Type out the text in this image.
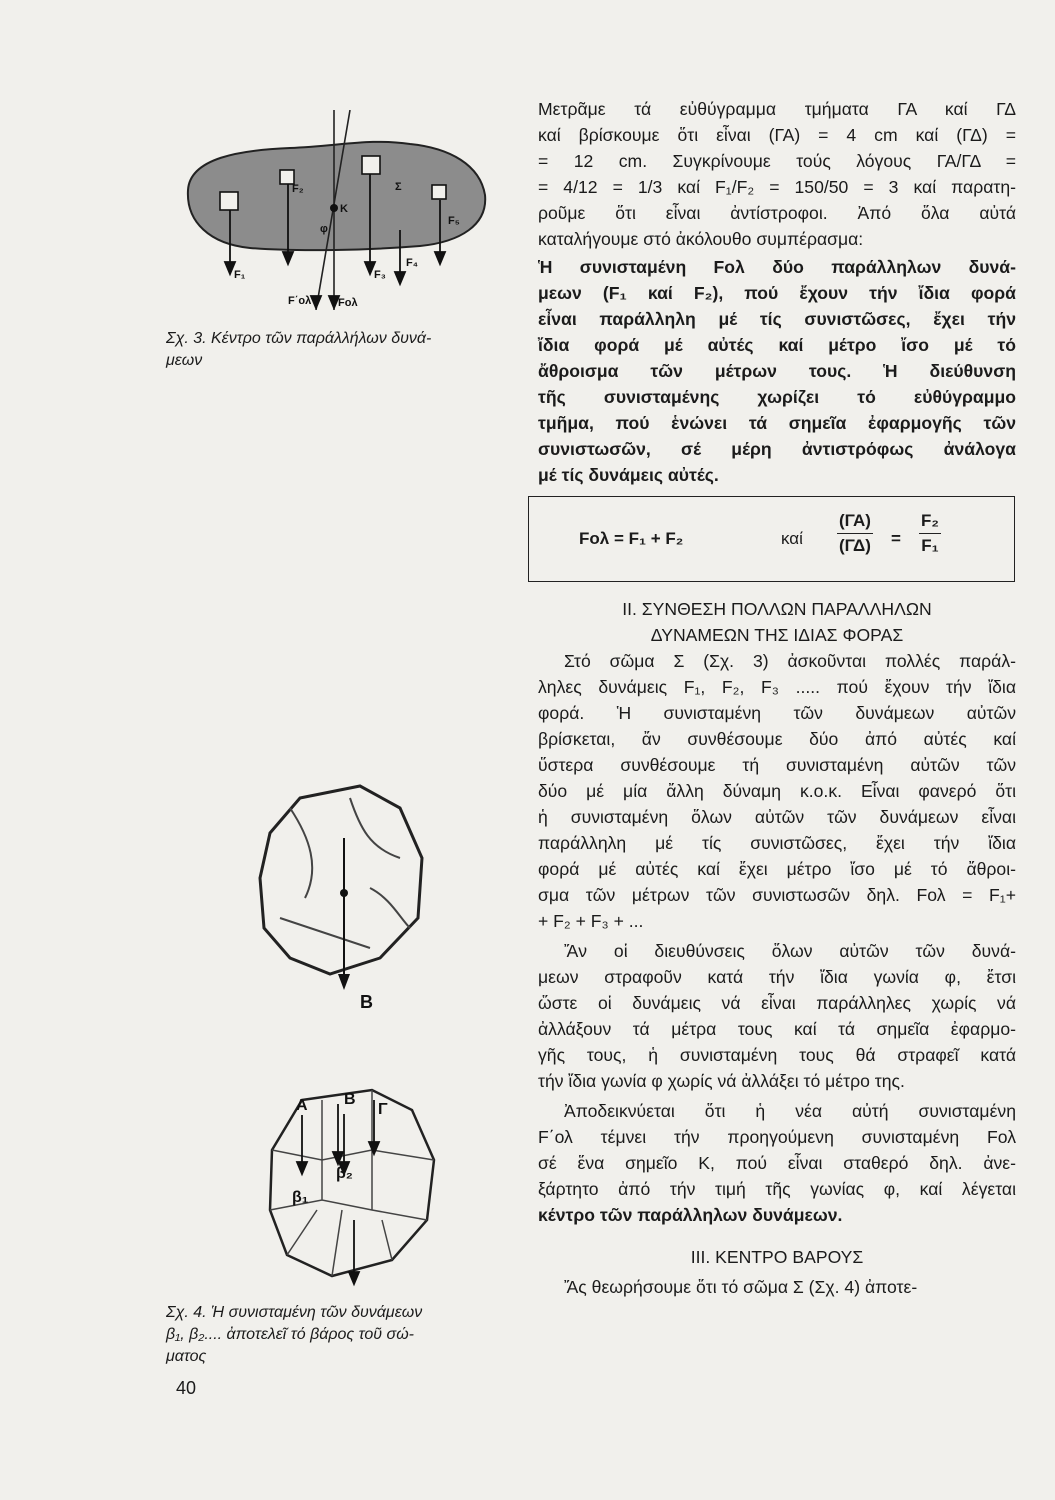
Μετρᾶμε τά εὐθύγραμμα τμήματα ΓΑ καί ΓΔ

καί βρίσκουμε ὅτι εἶναι (ΓΑ) = 4 cm καί (ΓΔ) =

= 12 cm. Συγκρίνουμε τούς λόγους ΓΑ/ΓΔ =

= 4/12 = 1/3 καί F₁/F₂ = 150/50 = 3 καί παρατη-

ροῦμε ὅτι εἶναι ἀντίστροφοι. Ἀπό ὅλα αὐτά

καταλήγουμε στό ἀκόλουθο συμπέρασμα:

Ἡ συνισταμένη Fολ δύο παράλληλων δυνά-

μεων (F₁ καί F₂), πού ἔχουν τήν ἴδια φορά

εἶναι παράλληλη μέ τίς συνιστῶσες, ἔχει τήν

ἴδια φορά μέ αὐτές καί μέτρο ἴσο μέ τό

ἄθροισμα τῶν μέτρων τους. Ἡ διεύθυνση

τῆς συνισταμένης χωρίζει τό εὐθύγραμμο

τμῆμα, πού ἑνώνει τά σημεῖα ἐφαρμογῆς τῶν

συνιστωσῶν, σέ μέρη ἀντιστρόφως ἀνάλογα

μέ τίς δυνάμεις αὐτές.

Fολ = F₁ + F₂	καί $\frac{(\Gamma A)}{(\Gamma\Delta)} = \frac{\text{F₂}}{\text{F₁}}$

ΙΙ. ΣΥΝΘΕΣΗ ΠΟΛΛΩΝ ΠΑΡΑΛΛΗΛΩΝ

ΔΥΝΑΜΕΩΝ ΤΗΣ ΙΔΙΑΣ ΦΟΡΑΣ

Στό σῶμα Σ (Σχ. 3) ἀσκοῦνται πολλές παράλ-

ληλες δυνάμεις F₁, F₂, F₃ ..... πού ἔχουν τήν ἴδια

φορά. Ἡ συνισταμένη τῶν δυνάμεων αὐτῶν

βρίσκεται, ἄν συνθέσουμε δύο ἀπό αὐτές καί

ὕστερα συνθέσουμε τή συνισταμένη αὐτῶν τῶν

δύο μέ μία ἄλλη δύναμη κ.ο.κ. Εἶναι φανερό ὅτι

ἡ συνισταμένη ὅλων αὐτῶν τῶν δυνάμεων εἶναι

παράλληλη μέ τίς συνιστῶσες, ἔχει τήν ἴδια

φορά μέ αὐτές καί ἔχει μέτρο ἴσο μέ τό ἄθροι-

σμα τῶν μέτρων τῶν συνιστωσῶν δηλ. Fολ = F₁+

+ F₂ + F₃ + ...

Ἄν οἱ διευθύνσεις ὅλων αὐτῶν τῶν δυνά-

μεων στραφοῦν κατά τήν ἴδια γωνία φ, ἔτσι

ὥστε οἱ δυνάμεις νά εἶναι παράλληλες χωρίς νά

ἀλλάξουν τά μέτρα τους καί τά σημεῖα ἐφαρμο-

γῆς τους, ἡ συνισταμένη τους θά στραφεῖ κατά

τήν ἴδια γωνία φ χωρίς νά ἀλλάξει τό μέτρο της.

Ἀποδεικνύεται ὅτι ἡ νέα αὐτή συνισταμένη

F΄ολ τέμνει τήν προηγούμενη συνισταμένη Fολ

σέ ἕνα σημεῖο Κ, πού εἶναι σταθερό δηλ. ἀνε-

ξάρτητο ἀπό τήν τιμή τῆς γωνίας φ, καί λέγεται

κέντρο τῶν παράλληλων δυνάμεων.

ΙΙΙ. ΚΕΝΤΡΟ ΒΑΡΟΥΣ

Ἄς θεωρήσουμε ὅτι τό σῶμα Σ (Σχ. 4) ἀποτε-

F₁
F₂
F₃
F₄
F₅
K
Fολ
F΄ολ
φ
Σ
Σχ. 3. Κέντρο τῶν παράλλήλων δυνά-
μεων
B
A B
Γ
β₁
β₂
Σχ. 4. Ἡ συνισταμένη τῶν δυνάμεων
β₁, β₂.... ἀποτελεῖ τό βάρος τοῦ σώ-
ματος
40
